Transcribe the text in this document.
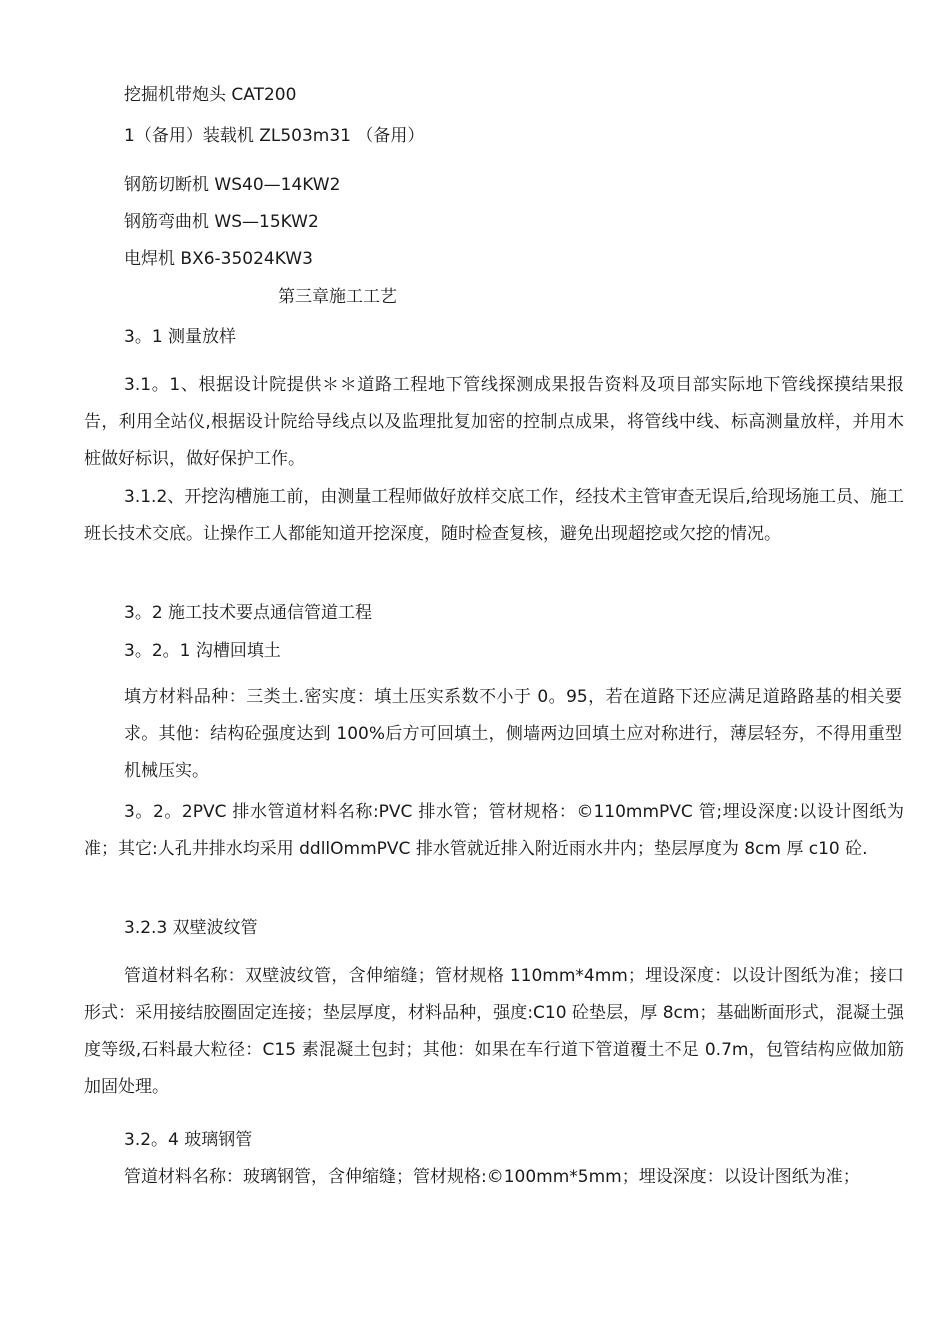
挖掘机带炮头 CAT200
1（备用）装载机 ZL503m31 （备用）
钢筋切断机 WS40—14KW2
钢筋弯曲机 WS—15KW2
电焊机 BX6-35024KW3
第三章施工工艺
3。1 测量放样
3.1。1、根据设计院提供＊＊道路工程地下管线探测成果报告资料及项目部实际地下管线探摸结果报告，利用全站仪,根据设计院给导线点以及监理批复加密的控制点成果，将管线中线、标高测量放样，并用木桩做好标识，做好保护工作。
3.1.2、开挖沟槽施工前，由测量工程师做好放样交底工作，经技术主管审查无误后,给现场施工员、施工班长技术交底。让操作工人都能知道开挖深度，随时检查复核，避免出现超挖或欠挖的情况。
3。2 施工技术要点通信管道工程
3。2。1 沟槽回填土
填方材料品种：三类土.密实度：填土压实系数不小于 0。95，若在道路下还应满足道路路基的相关要求。其他：结构砼强度达到 100%后方可回填土，侧墙两边回填土应对称进行，薄层轻夯，不得用重型机械压实。
3。2。2PVC 排水管道材料名称:PVC 排水管；管材规格：©110mmPVC 管;埋设深度:以设计图纸为准；其它:人孔井排水均采用 ddllOmmPVC 排水管就近排入附近雨水井内；垫层厚度为 8cm 厚 c10 砼.
3.2.3 双壁波纹管
管道材料名称：双壁波纹管，含伸缩缝；管材规格 110mm*4mm；埋设深度：以设计图纸为准；接口形式：采用接结胶圈固定连接；垫层厚度，材料品种，强度:C10 砼垫层，厚 8cm；基础断面形式，混凝土强度等级,石料最大粒径：C15 素混凝土包封；其他：如果在车行道下管道覆土不足 0.7m，包管结构应做加筋加固处理。
3.2。4 玻璃钢管
管道材料名称：玻璃钢管，含伸缩缝；管材规格:©100mm*5mm；埋设深度：以设计图纸为准；
